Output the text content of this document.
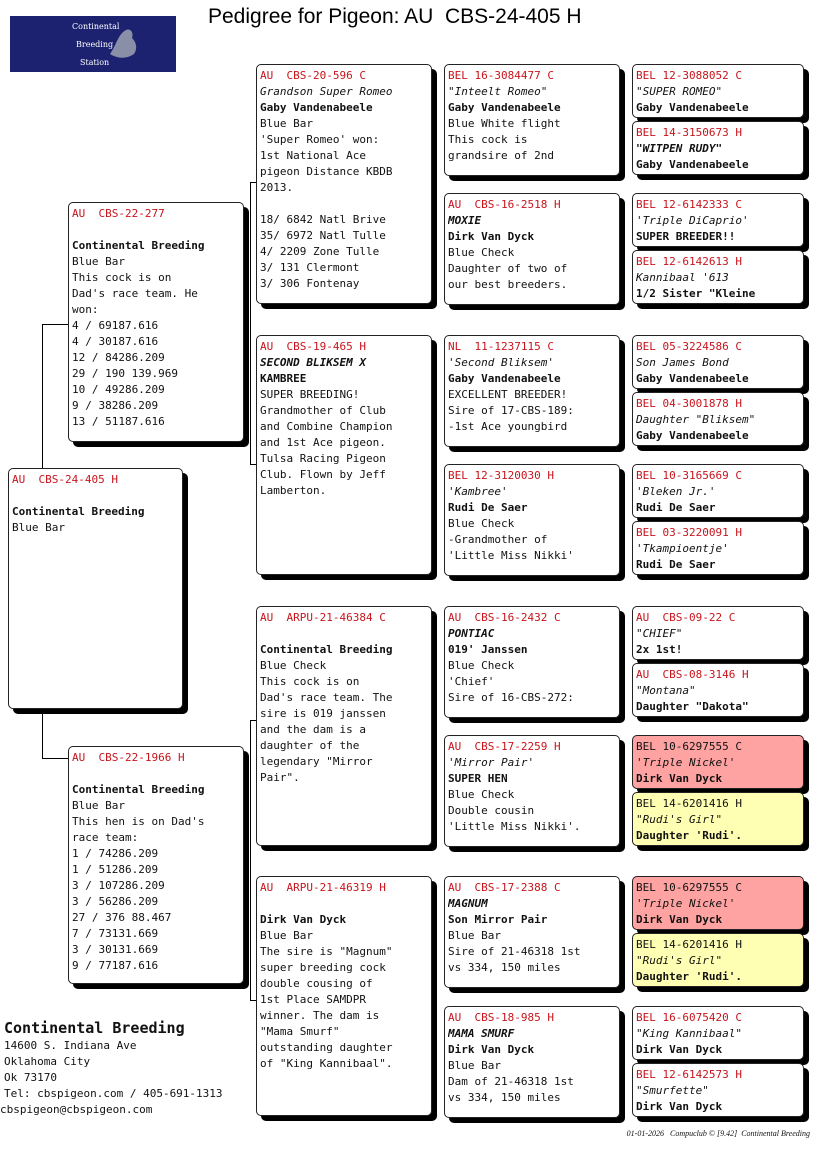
Pedigree for Pigeon: AU  CBS-24-405 H
Continental
Breeding
Station
AU  CBS-24-405 H
Continental Breeding
Blue Bar
AU  CBS-22-277
Continental Breeding
Blue Bar
This cock is on
Dad's race team. He
won:
4 / 69187.616
4 / 30187.616
12 / 84286.209
29 / 190 139.969
10 / 49286.209
9 / 38286.209
13 / 51187.616
AU  CBS-22-1966 H
Continental Breeding
Blue Bar
This hen is on Dad's
race team:
1 / 74286.209
1 / 51286.209
3 / 107286.209
3 / 56286.209
27 / 376 88.467
7 / 73131.669
3 / 30131.669
9 / 77187.616
AU  CBS-20-596 C
Grandson Super Romeo
Gaby Vandenabeele
Blue Bar
'Super Romeo' won:
1st National Ace
pigeon Distance KBDB
2013.
18/ 6842 Natl Brive
35/ 6972 Natl Tulle
4/ 2209 Zone Tulle
3/ 131 Clermont
3/ 306 Fontenay
AU  CBS-19-465 H
SECOND BLIKSEM X
KAMBREE
SUPER BREEDING!
Grandmother of Club
and Combine Champion
and 1st Ace pigeon.
Tulsa Racing Pigeon
Club. Flown by Jeff
Lamberton.
AU  ARPU-21-46384 C
Continental Breeding
Blue Check
This cock is on
Dad's race team. The
sire is 019 janssen
and the dam is a
daughter of the
legendary "Mirror
Pair".
AU  ARPU-21-46319 H
Dirk Van Dyck
Blue Bar
The sire is "Magnum"
super breeding cock
double cousing of
1st Place SAMDPR
winner. The dam is
"Mama Smurf"
outstanding daughter
of "King Kannibaal".
BEL 16-3084477 C
"Inteelt Romeo"
Gaby Vandenabeele
Blue White flight
This cock is
grandsire of 2nd
AU  CBS-16-2518 H
MOXIE
Dirk Van Dyck
Blue Check
Daughter of two of
our best breeders.
NL  11-1237115 C
'Second Bliksem'
Gaby Vandenabeele
EXCELLENT BREEDER!
Sire of 17-CBS-189:
-1st Ace youngbird
BEL 12-3120030 H
'Kambree'
Rudi De Saer
Blue Check
-Grandmother of
'Little Miss Nikki'
AU  CBS-16-2432 C
PONTIAC
019' Janssen
Blue Check
'Chief'
Sire of 16-CBS-272:
AU  CBS-17-2259 H
'Mirror Pair'
SUPER HEN
Blue Check
Double cousin
'Little Miss Nikki'.
AU  CBS-17-2388 C
MAGNUM
Son Mirror Pair
Blue Bar
Sire of 21-46318 1st
vs 334, 150 miles
AU  CBS-18-985 H
MAMA SMURF
Dirk Van Dyck
Blue Bar
Dam of 21-46318 1st
vs 334, 150 miles
BEL 12-3088052 C
"SUPER ROMEO"
Gaby Vandenabeele
BEL 14-3150673 H
"WITPEN RUDY"
Gaby Vandenabeele
BEL 12-6142333 C
'Triple DiCaprio'
SUPER BREEDER!!
BEL 12-6142613 H
Kannibaal '613
1/2 Sister "Kleine
BEL 05-3224586 C
Son James Bond
Gaby Vandenabeele
BEL 04-3001878 H
Daughter "Bliksem"
Gaby Vandenabeele
BEL 10-3165669 C
'Bleken Jr.'
Rudi De Saer
BEL 03-3220091 H
'Tkampioentje'
Rudi De Saer
AU  CBS-09-22 C
"CHIEF"
2x 1st!
AU  CBS-08-3146 H
"Montana"
Daughter "Dakota"
BEL 10-6297555 C
'Triple Nickel'
Dirk Van Dyck
BEL 14-6201416 H
"Rudi's Girl"
Daughter 'Rudi'.
BEL 10-6297555 C
'Triple Nickel'
Dirk Van Dyck
BEL 14-6201416 H
"Rudi's Girl"
Daughter 'Rudi'.
BEL 16-6075420 C
"King Kannibaal"
Dirk Van Dyck
BEL 12-6142573 H
"Smurfette"
Dirk Van Dyck
Continental Breeding
14600 S. Indiana Ave
Oklahoma City
Ok 73170
Tel: cbspigeon.com / 405-691-1313
cbspigeon@cbspigeon.com
01-01-2026   Compuclub © [9.42]  Continental Breeding
